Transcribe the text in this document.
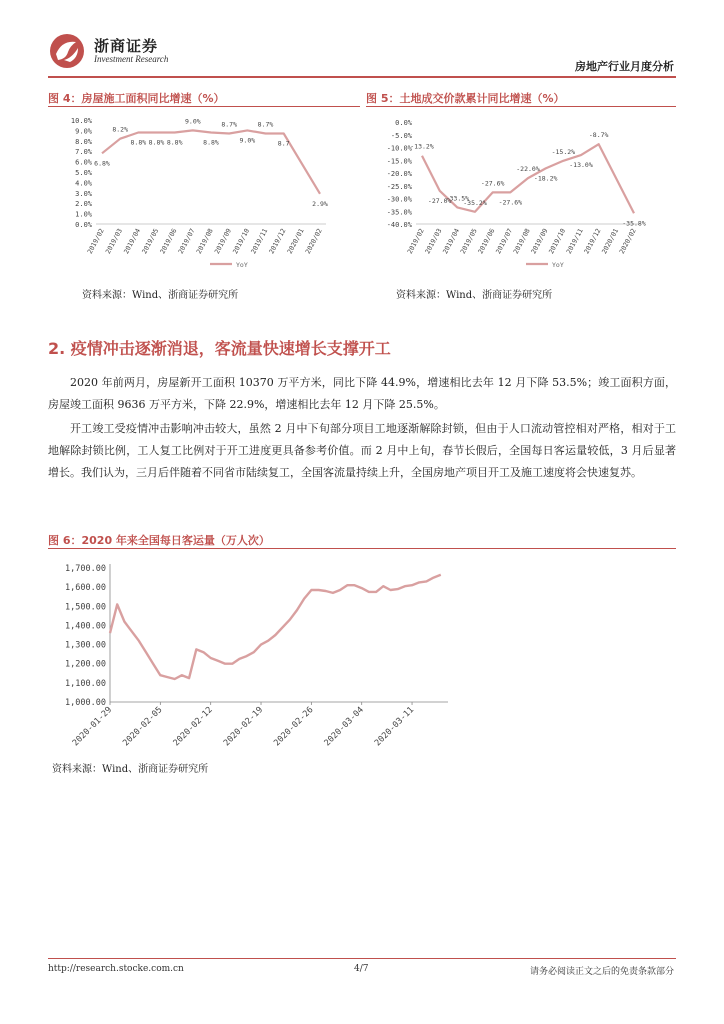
浙商证券
Investment Research
房地产行业月度分析
图 4：房屋施工面积同比增速（%）
0.0%
1.0%
2.0%
3.0%
4.0%
5.0%
6.0%
7.0%
8.0%
9.0%
10.0%
2019/02
2019/03
2019/04
2019/05
2019/06
2019/07
2019/08
2019/09
2019/10
2019/11
2019/12
2020/01
2020/02
6.8%
8.2%
8.8% 8.8% 8.8%
9.0%
8.8%
8.7%
9.0%
8.7%
8.7
2.9%
YoY
资料来源：Wind、浙商证券研究所
图 5：土地成交价款累计同比增速（%）
-40.0%
-35.0%
-30.0%
-25.0%
-20.0%
-15.0%
-10.0%
-5.0%
0.0%
2019/02
2019/03
2019/04
2019/05
2019/06
2019/07
2019/08
2019/09
2019/10
2019/11
2019/12
2020/01
2020/02
-13.2%
-27.0%
-33.5%
-35.2%
-27.6%
-27.6%
-22.0%
-18.2%
-15.2%
-13.0%
-8.7%
-35.8%
YoY
资料来源：Wind、浙商证券研究所
2. 疫情冲击逐渐消退，客流量快速增长支撑开工
2020 年前两月，房屋新开工面积 10370 万平方米，同比下降 44.9%，增速相比去年 12 月下降 53.5%；竣工面积方面，房屋竣工面积 9636 万平方米，下降 22.9%，增速相比去年 12 月下降 25.5%。
开工竣工受疫情冲击影响冲击较大，虽然 2 月中下旬部分项目工地逐渐解除封锁，但由于人口流动管控相对严格，相对于工地解除封锁比例，工人复工比例对于开工进度更具备参考价值。而 2 月中上旬，春节长假后，全国每日客运量较低，3 月后显著增长。我们认为，三月后伴随着不同省市陆续复工，全国客流量持续上升，全国房地产项目开工及施工速度将会快速复苏。
图 6：2020 年来全国每日客运量（万人次）
1,000.00
1,100.00
1,200.00
1,300.00
1,400.00
1,500.00
1,600.00
1,700.00
2020-01-29 2020-02-05 2020-02-12 2020-02-19 2020-02-26 2020-03-04 2020-03-11
资料来源：Wind、浙商证券研究所
http://research.stocke.com.cn	4/7	请务必阅读正文之后的免责条款部分
